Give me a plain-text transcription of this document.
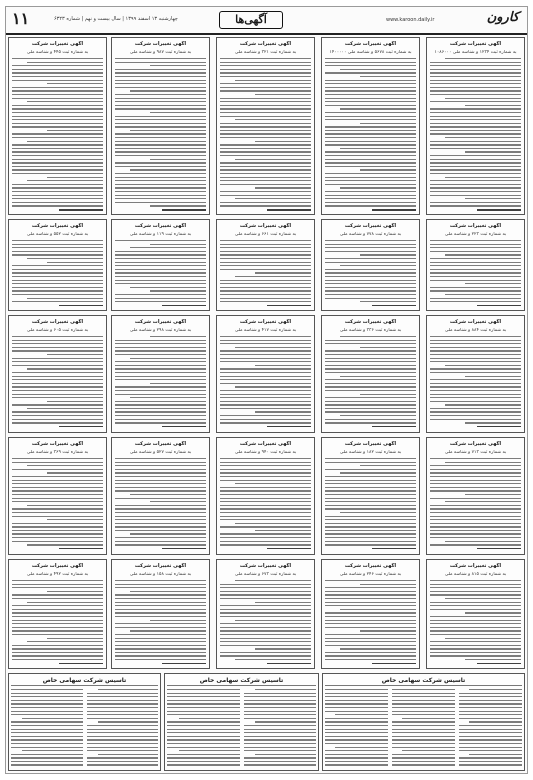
۱۱	چهارشنبه ۱۳ اسفند ۱۳۹۹ | سال بیست و نهم | شماره ۶۳۲۳	آگهی‌ها	www.karoon.daily.ir	کارون
آگهی تغییرات شرکت
به شماره ثبت ۱۲۳۴ و شناسه ملی ۱۰۸۶۰۰۰
آگهی تغییرات شرکت
به شماره ثبت ۵۶۷۸ و شناسه ملی ۱۴۰۰۰۰۰
آگهی تغییرات شرکت
به شماره ثبت ۳۲۱ و شناسه ملی
آگهی تغییرات شرکت
به شماره ثبت ۹۸۷ و شناسه ملی
آگهی تغییرات شرکت
به شماره ثبت ۴۴۵ و شناسه ملی
آگهی تغییرات شرکت
به شماره ثبت ۲۲۳ و شناسه ملی
آگهی تغییرات شرکت
به شماره ثبت ۷۷۸ و شناسه ملی
آگهی تغییرات شرکت
به شماره ثبت ۶۶۱ و شناسه ملی
آگهی تغییرات شرکت
به شماره ثبت ۱۱۹ و شناسه ملی
آگهی تغییرات شرکت
به شماره ثبت ۵۵۲ و شناسه ملی
آگهی تغییرات شرکت
به شماره ثبت ۸۸۴ و شناسه ملی
آگهی تغییرات شرکت
به شماره ثبت ۳۳۶ و شناسه ملی
آگهی تغییرات شرکت
به شماره ثبت ۴۱۷ و شناسه ملی
آگهی تغییرات شرکت
به شماره ثبت ۲۹۸ و شناسه ملی
آگهی تغییرات شرکت
به شماره ثبت ۶۰۵ و شناسه ملی
آگهی تغییرات شرکت
به شماره ثبت ۷۱۳ و شناسه ملی
آگهی تغییرات شرکت
به شماره ثبت ۱۸۲ و شناسه ملی
آگهی تغییرات شرکت
به شماره ثبت ۹۴۰ و شناسه ملی
آگهی تغییرات شرکت
به شماره ثبت ۵۲۷ و شناسه ملی
آگهی تغییرات شرکت
به شماره ثبت ۳۶۹ و شناسه ملی
آگهی تغییرات شرکت
به شماره ثبت ۸۱۵ و شناسه ملی
آگهی تغییرات شرکت
به شماره ثبت ۲۴۶ و شناسه ملی
آگهی تغییرات شرکت
به شماره ثبت ۶۷۳ و شناسه ملی
آگهی تغییرات شرکت
به شماره ثبت ۱۵۸ و شناسه ملی
آگهی تغییرات شرکت
به شماره ثبت ۴۹۲ و شناسه ملی
تاسیس شرکت سهامی خاص
تاسیس شرکت سهامی خاص
تاسیس شرکت سهامی خاص
